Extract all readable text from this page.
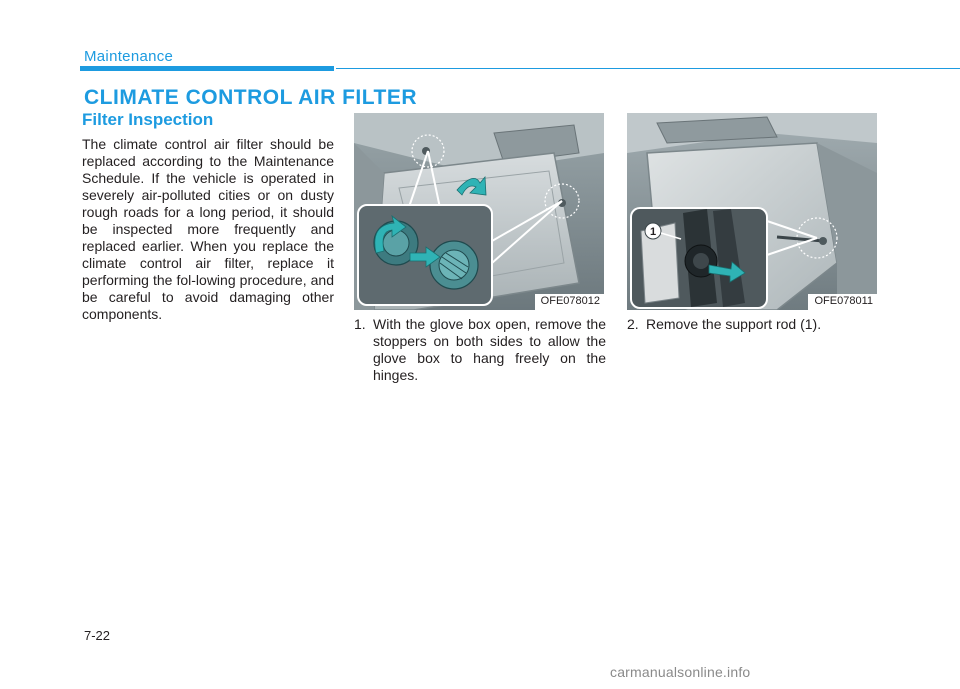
Maintenance
CLIMATE CONTROL AIR FILTER
Filter Inspection

The climate control air filter should be replaced according to the Maintenance Schedule. If the vehicle is operated in severely air-polluted cities or on dusty rough roads for a long period, it should be inspected more frequently and replaced earlier. When you replace the climate control air filter, replace it performing the fol-lowing procedure, and be careful to avoid damaging other components.

OFE078012
1
OFE078011
1. With the glove box open, remove the stoppers on both sides to allow the glove box to hang freely on the hinges.
2. Remove the support rod (1).
7-22
carmanualsonline.info
